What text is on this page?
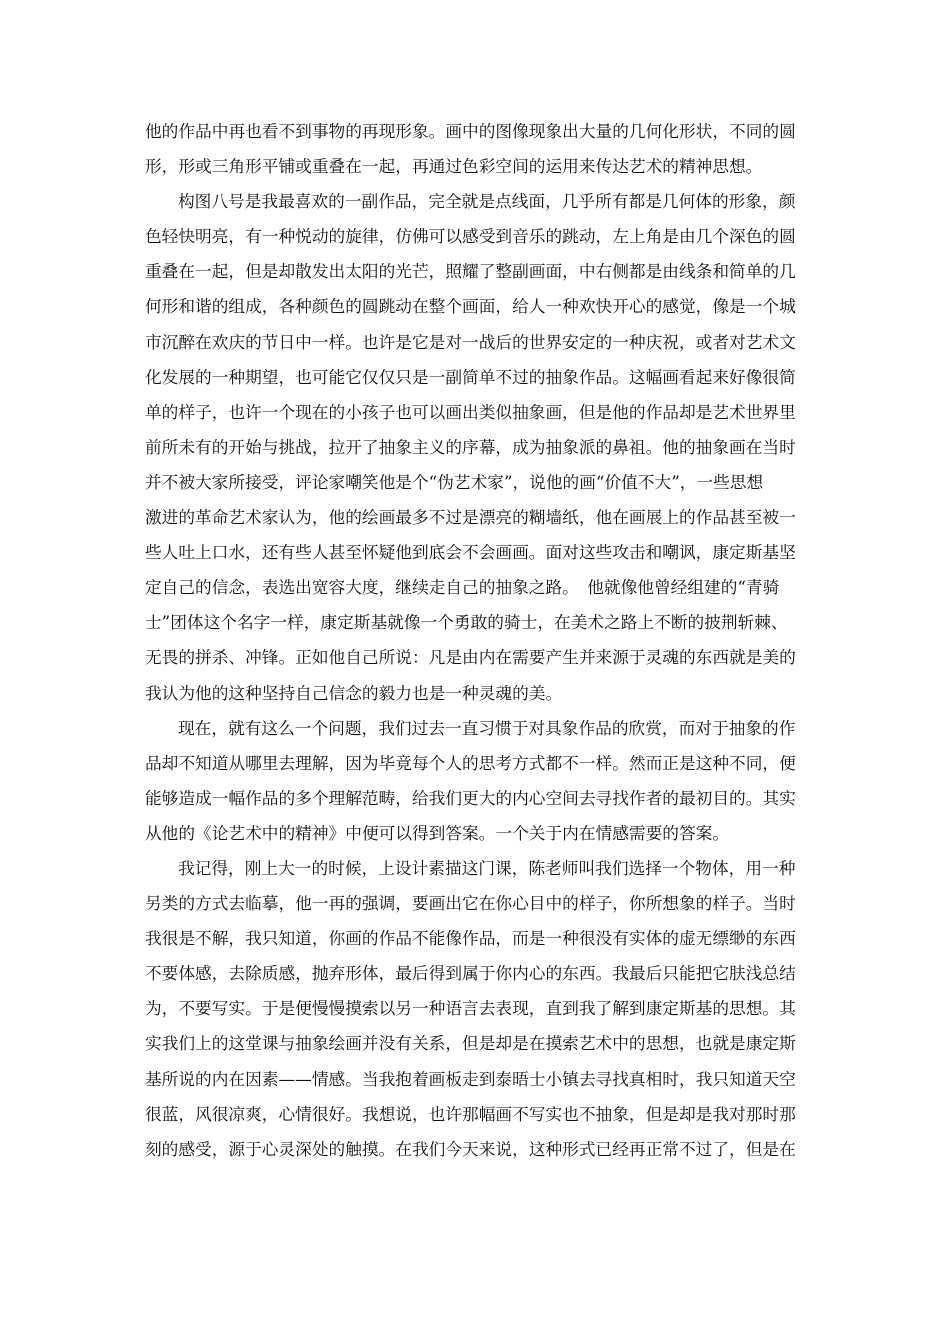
他的作品中再也看不到事物的再现形象。画中的图像现象出大量的几何化形状，不同的圆
形，形或三角形平铺或重叠在一起，再通过色彩空间的运用来传达艺术的精神思想。
构图八号是我最喜欢的一副作品，完全就是点线面，几乎所有都是几何体的形象，颜
色轻快明亮，有一种悦动的旋律，仿佛可以感受到音乐的跳动，左上角是由几个深色的圆
重叠在一起，但是却散发出太阳的光芒，照耀了整副画面，中右侧都是由线条和简单的几
何形和谐的组成，各种颜色的圆跳动在整个画面，给人一种欢快开心的感觉，像是一个城
市沉醉在欢庆的节日中一样。也许是它是对一战后的世界安定的一种庆祝，或者对艺术文
化发展的一种期望，也可能它仅仅只是一副简单不过的抽象作品。这幅画看起来好像很简
单的样子，也许一个现在的小孩子也可以画出类似抽象画，但是他的作品却是艺术世界里
前所未有的开始与挑战，拉开了抽象主义的序幕，成为抽象派的鼻祖。他的抽象画在当时
并不被大家所接受，评论家嘲笑他是个“伪艺术家”，说他的画“价值不大”，一些思想
激进的革命艺术家认为，他的绘画最多不过是漂亮的糊墙纸，他在画展上的作品甚至被一
些人吐上口水，还有些人甚至怀疑他到底会不会画画。面对这些攻击和嘲讽，康定斯基坚
定自己的信念，表选出宽容大度，继续走自己的抽象之路。　他就像他曾经组建的“青骑
士”团体这个名字一样，康定斯基就像一个勇敢的骑士，在美术之路上不断的披荆斩棘、
无畏的拼杀、冲锋。正如他自己所说：凡是由内在需要产生并来源于灵魂的东西就是美的
我认为他的这种坚持自己信念的毅力也是一种灵魂的美。
现在，就有这么一个问题，我们过去一直习惯于对具象作品的欣赏，而对于抽象的作
品却不知道从哪里去理解，因为毕竟每个人的思考方式都不一样。然而正是这种不同，便
能够造成一幅作品的多个理解范畴，给我们更大的内心空间去寻找作者的最初目的。其实
从他的《论艺术中的精神》中便可以得到答案。一个关于内在情感需要的答案。
我记得，刚上大一的时候，上设计素描这门课，陈老师叫我们选择一个物体，用一种
另类的方式去临摹，他一再的强调，要画出它在你心目中的样子，你所想象的样子。当时
我很是不解，我只知道，你画的作品不能像作品，而是一种很没有实体的虚无缥缈的东西
不要体感，去除质感，抛弃形体，最后得到属于你内心的东西。我最后只能把它肤浅总结
为，不要写实。于是便慢慢摸索以另一种语言去表现，直到我了解到康定斯基的思想。其
实我们上的这堂课与抽象绘画并没有关系，但是却是在摸索艺术中的思想，也就是康定斯
基所说的内在因素——情感。当我抱着画板走到泰晤士小镇去寻找真相时，我只知道天空
很蓝，风很凉爽，心情很好。我想说，也许那幅画不写实也不抽象，但是却是我对那时那
刻的感受，源于心灵深处的触摸。在我们今天来说，这种形式已经再正常不过了，但是在
